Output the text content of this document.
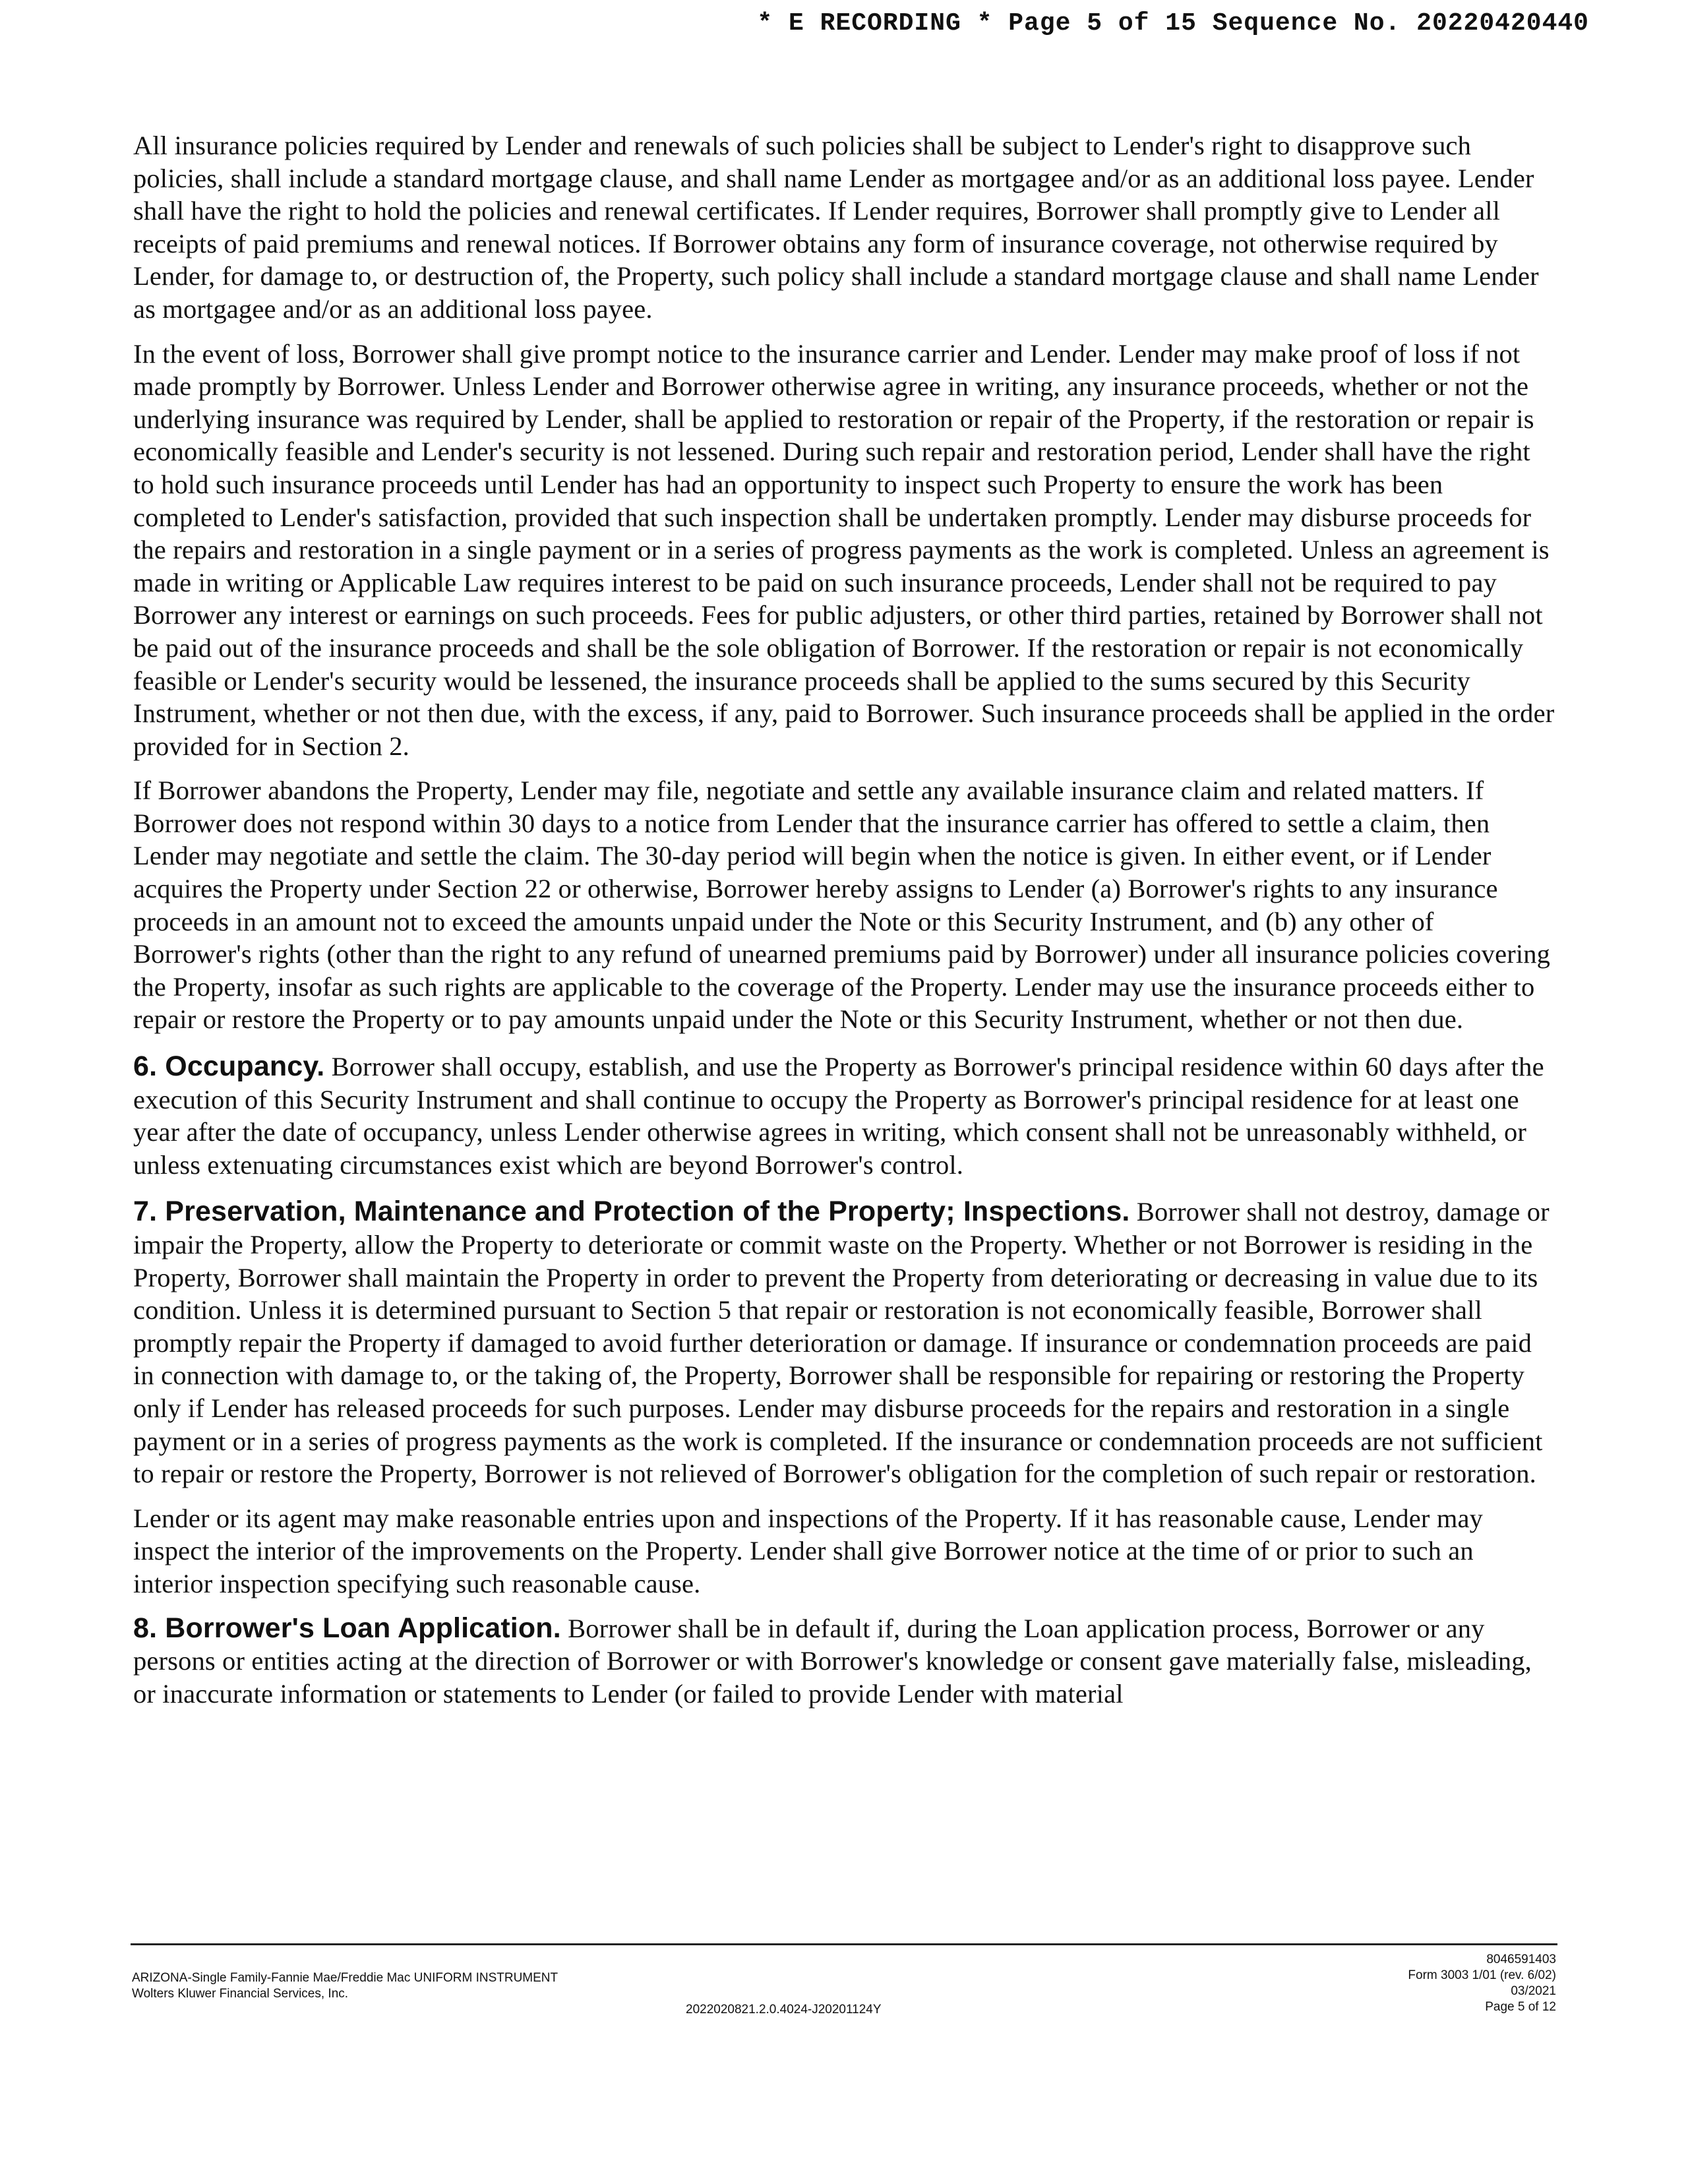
* E RECORDING * Page 5 of 15 Sequence No. 20220420440

All insurance policies required by Lender and renewals of such policies shall be subject to Lender's right to disapprove such policies, shall include a standard mortgage clause, and shall name Lender as mortgagee and/or as an additional loss payee. Lender shall have the right to hold the policies and renewal certificates. If Lender requires, Borrower shall promptly give to Lender all receipts of paid premiums and renewal notices. If Borrower obtains any form of insurance coverage, not otherwise required by Lender, for damage to, or destruction of, the Property, such policy shall include a standard mortgage clause and shall name Lender as mortgagee and/or as an additional loss payee.

In the event of loss, Borrower shall give prompt notice to the insurance carrier and Lender. Lender may make proof of loss if not made promptly by Borrower. Unless Lender and Borrower otherwise agree in writing, any insurance proceeds, whether or not the underlying insurance was required by Lender, shall be applied to restoration or repair of the Property, if the restoration or repair is economically feasible and Lender's security is not lessened. During such repair and restoration period, Lender shall have the right to hold such insurance proceeds until Lender has had an opportunity to inspect such Property to ensure the work has been completed to Lender's satisfaction, provided that such inspection shall be undertaken promptly. Lender may disburse proceeds for the repairs and restoration in a single payment or in a series of progress payments as the work is completed. Unless an agreement is made in writing or Applicable Law requires interest to be paid on such insurance proceeds, Lender shall not be required to pay Borrower any interest or earnings on such proceeds. Fees for public adjusters, or other third parties, retained by Borrower shall not be paid out of the insurance proceeds and shall be the sole obligation of Borrower. If the restoration or repair is not economically feasible or Lender's security would be lessened, the insurance proceeds shall be applied to the sums secured by this Security Instrument, whether or not then due, with the excess, if any, paid to Borrower. Such insurance proceeds shall be applied in the order provided for in Section 2.

If Borrower abandons the Property, Lender may file, negotiate and settle any available insurance claim and related matters. If Borrower does not respond within 30 days to a notice from Lender that the insurance carrier has offered to settle a claim, then Lender may negotiate and settle the claim. The 30-day period will begin when the notice is given. In either event, or if Lender acquires the Property under Section 22 or otherwise, Borrower hereby assigns to Lender (a) Borrower's rights to any insurance proceeds in an amount not to exceed the amounts unpaid under the Note or this Security Instrument, and (b) any other of Borrower's rights (other than the right to any refund of unearned premiums paid by Borrower) under all insurance policies covering the Property, insofar as such rights are applicable to the coverage of the Property. Lender may use the insurance proceeds either to repair or restore the Property or to pay amounts unpaid under the Note or this Security Instrument, whether or not then due.

6. Occupancy. Borrower shall occupy, establish, and use the Property as Borrower's principal residence within 60 days after the execution of this Security Instrument and shall continue to occupy the Property as Borrower's principal residence for at least one year after the date of occupancy, unless Lender otherwise agrees in writing, which consent shall not be unreasonably withheld, or unless extenuating circumstances exist which are beyond Borrower's control.

7. Preservation, Maintenance and Protection of the Property; Inspections. Borrower shall not destroy, damage or impair the Property, allow the Property to deteriorate or commit waste on the Property. Whether or not Borrower is residing in the Property, Borrower shall maintain the Property in order to prevent the Property from deteriorating or decreasing in value due to its condition. Unless it is determined pursuant to Section 5 that repair or restoration is not economically feasible, Borrower shall promptly repair the Property if damaged to avoid further deterioration or damage. If insurance or condemnation proceeds are paid in connection with damage to, or the taking of, the Property, Borrower shall be responsible for repairing or restoring the Property only if Lender has released proceeds for such purposes. Lender may disburse proceeds for the repairs and restoration in a single payment or in a series of progress payments as the work is completed. If the insurance or condemnation proceeds are not sufficient to repair or restore the Property, Borrower is not relieved of Borrower's obligation for the completion of such repair or restoration.

Lender or its agent may make reasonable entries upon and inspections of the Property. If it has reasonable cause, Lender may inspect the interior of the improvements on the Property. Lender shall give Borrower notice at the time of or prior to such an interior inspection specifying such reasonable cause.

8. Borrower's Loan Application. Borrower shall be in default if, during the Loan application process, Borrower or any persons or entities acting at the direction of Borrower or with Borrower's knowledge or consent gave materially false, misleading, or inaccurate information or statements to Lender (or failed to provide Lender with material

ARIZONA-Single Family-Fannie Mae/Freddie Mac UNIFORM INSTRUMENT
Wolters Kluwer Financial Services, Inc.
2022020821.2.0.4024-J20201124Y
8046591403
Form 3003 1/01 (rev. 6/02)
03/2021
Page 5 of 12
